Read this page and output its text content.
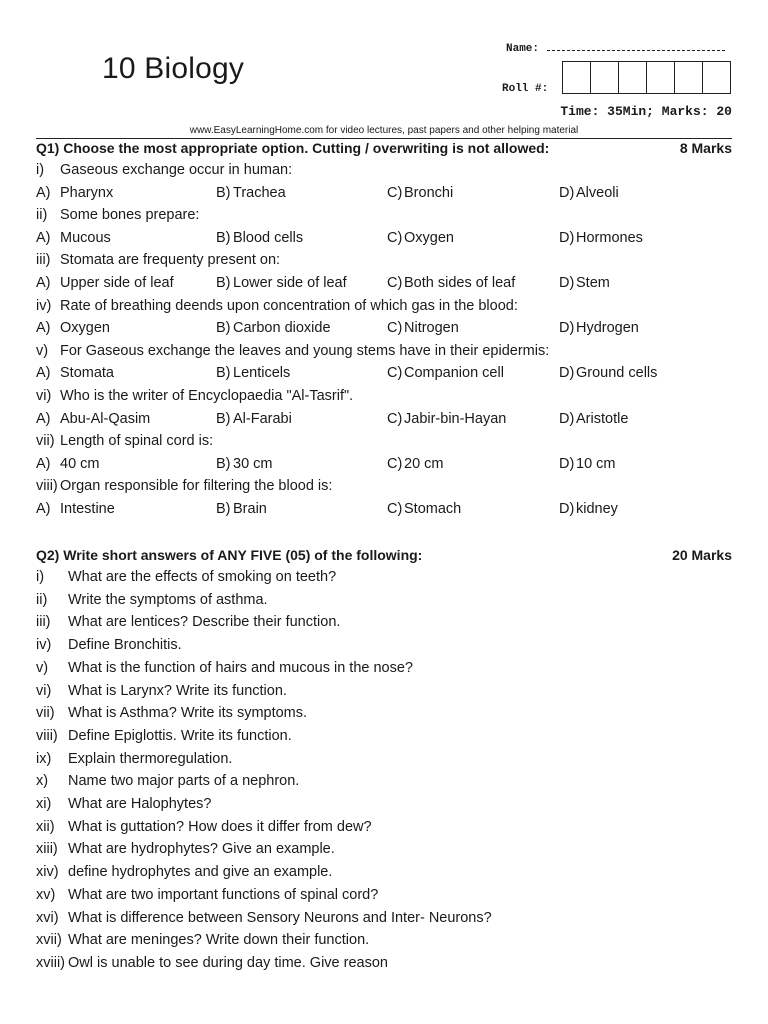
10 Biology
Name:
Roll #:
Time: 35Min; Marks: 20
www.EasyLearningHome.com for video lectures, past papers and other helping material
Q1) Choose the most appropriate option. Cutting / overwriting is not allowed:	8 Marks
i) Gaseous exchange occur in human:
A) Pharynx	B) Trachea	C) Bronchi	D) Alveoli
ii) Some bones prepare:
A) Mucous	B) Blood cells	C) Oxygen	D) Hormones
iii) Stomata are frequenty present on:
A) Upper side of leaf	B) Lower side of leaf	C) Both sides of leaf	D) Stem
iv) Rate of breathing deends upon concentration of which gas in the blood:
A) Oxygen	B) Carbon dioxide	C) Nitrogen	D) Hydrogen
v) For Gaseous exchange the leaves and young stems have in their epidermis:
A) Stomata	B) Lenticels	C) Companion cell	D) Ground cells
vi) Who is the writer of Encyclopaedia "Al-Tasrif".
A) Abu-Al-Qasim	B) Al-Farabi	C) Jabir-bin-Hayan	D) Aristotle
vii) Length of spinal cord is:
A) 40 cm	B) 30 cm	C) 20 cm	D) 10 cm
viii) Organ responsible for filtering the blood is:
A) Intestine	B) Brain	C) Stomach	D) kidney
Q2) Write short answers of ANY FIVE (05) of the following:	20 Marks
i) What are the effects of smoking on teeth?
ii) Write the symptoms of asthma.
iii) What are lentices? Describe their function.
iv) Define Bronchitis.
v) What is the function of hairs and mucous in the nose?
vi) What is Larynx? Write its function.
vii) What is Asthma? Write its symptoms.
viii) Define Epiglottis. Write its function.
ix) Explain thermoregulation.
x) Name two major parts of a nephron.
xi) What are Halophytes?
xii) What is guttation? How does it differ from dew?
xiii) What are hydrophytes? Give an example.
xiv) define hydrophytes and give an example.
xv) What are two important functions of spinal cord?
xvi) What is difference between Sensory Neurons and Inter- Neurons?
xvii) What are meninges? Write down their function.
xviii) Owl is unable to see during day time. Give reason
